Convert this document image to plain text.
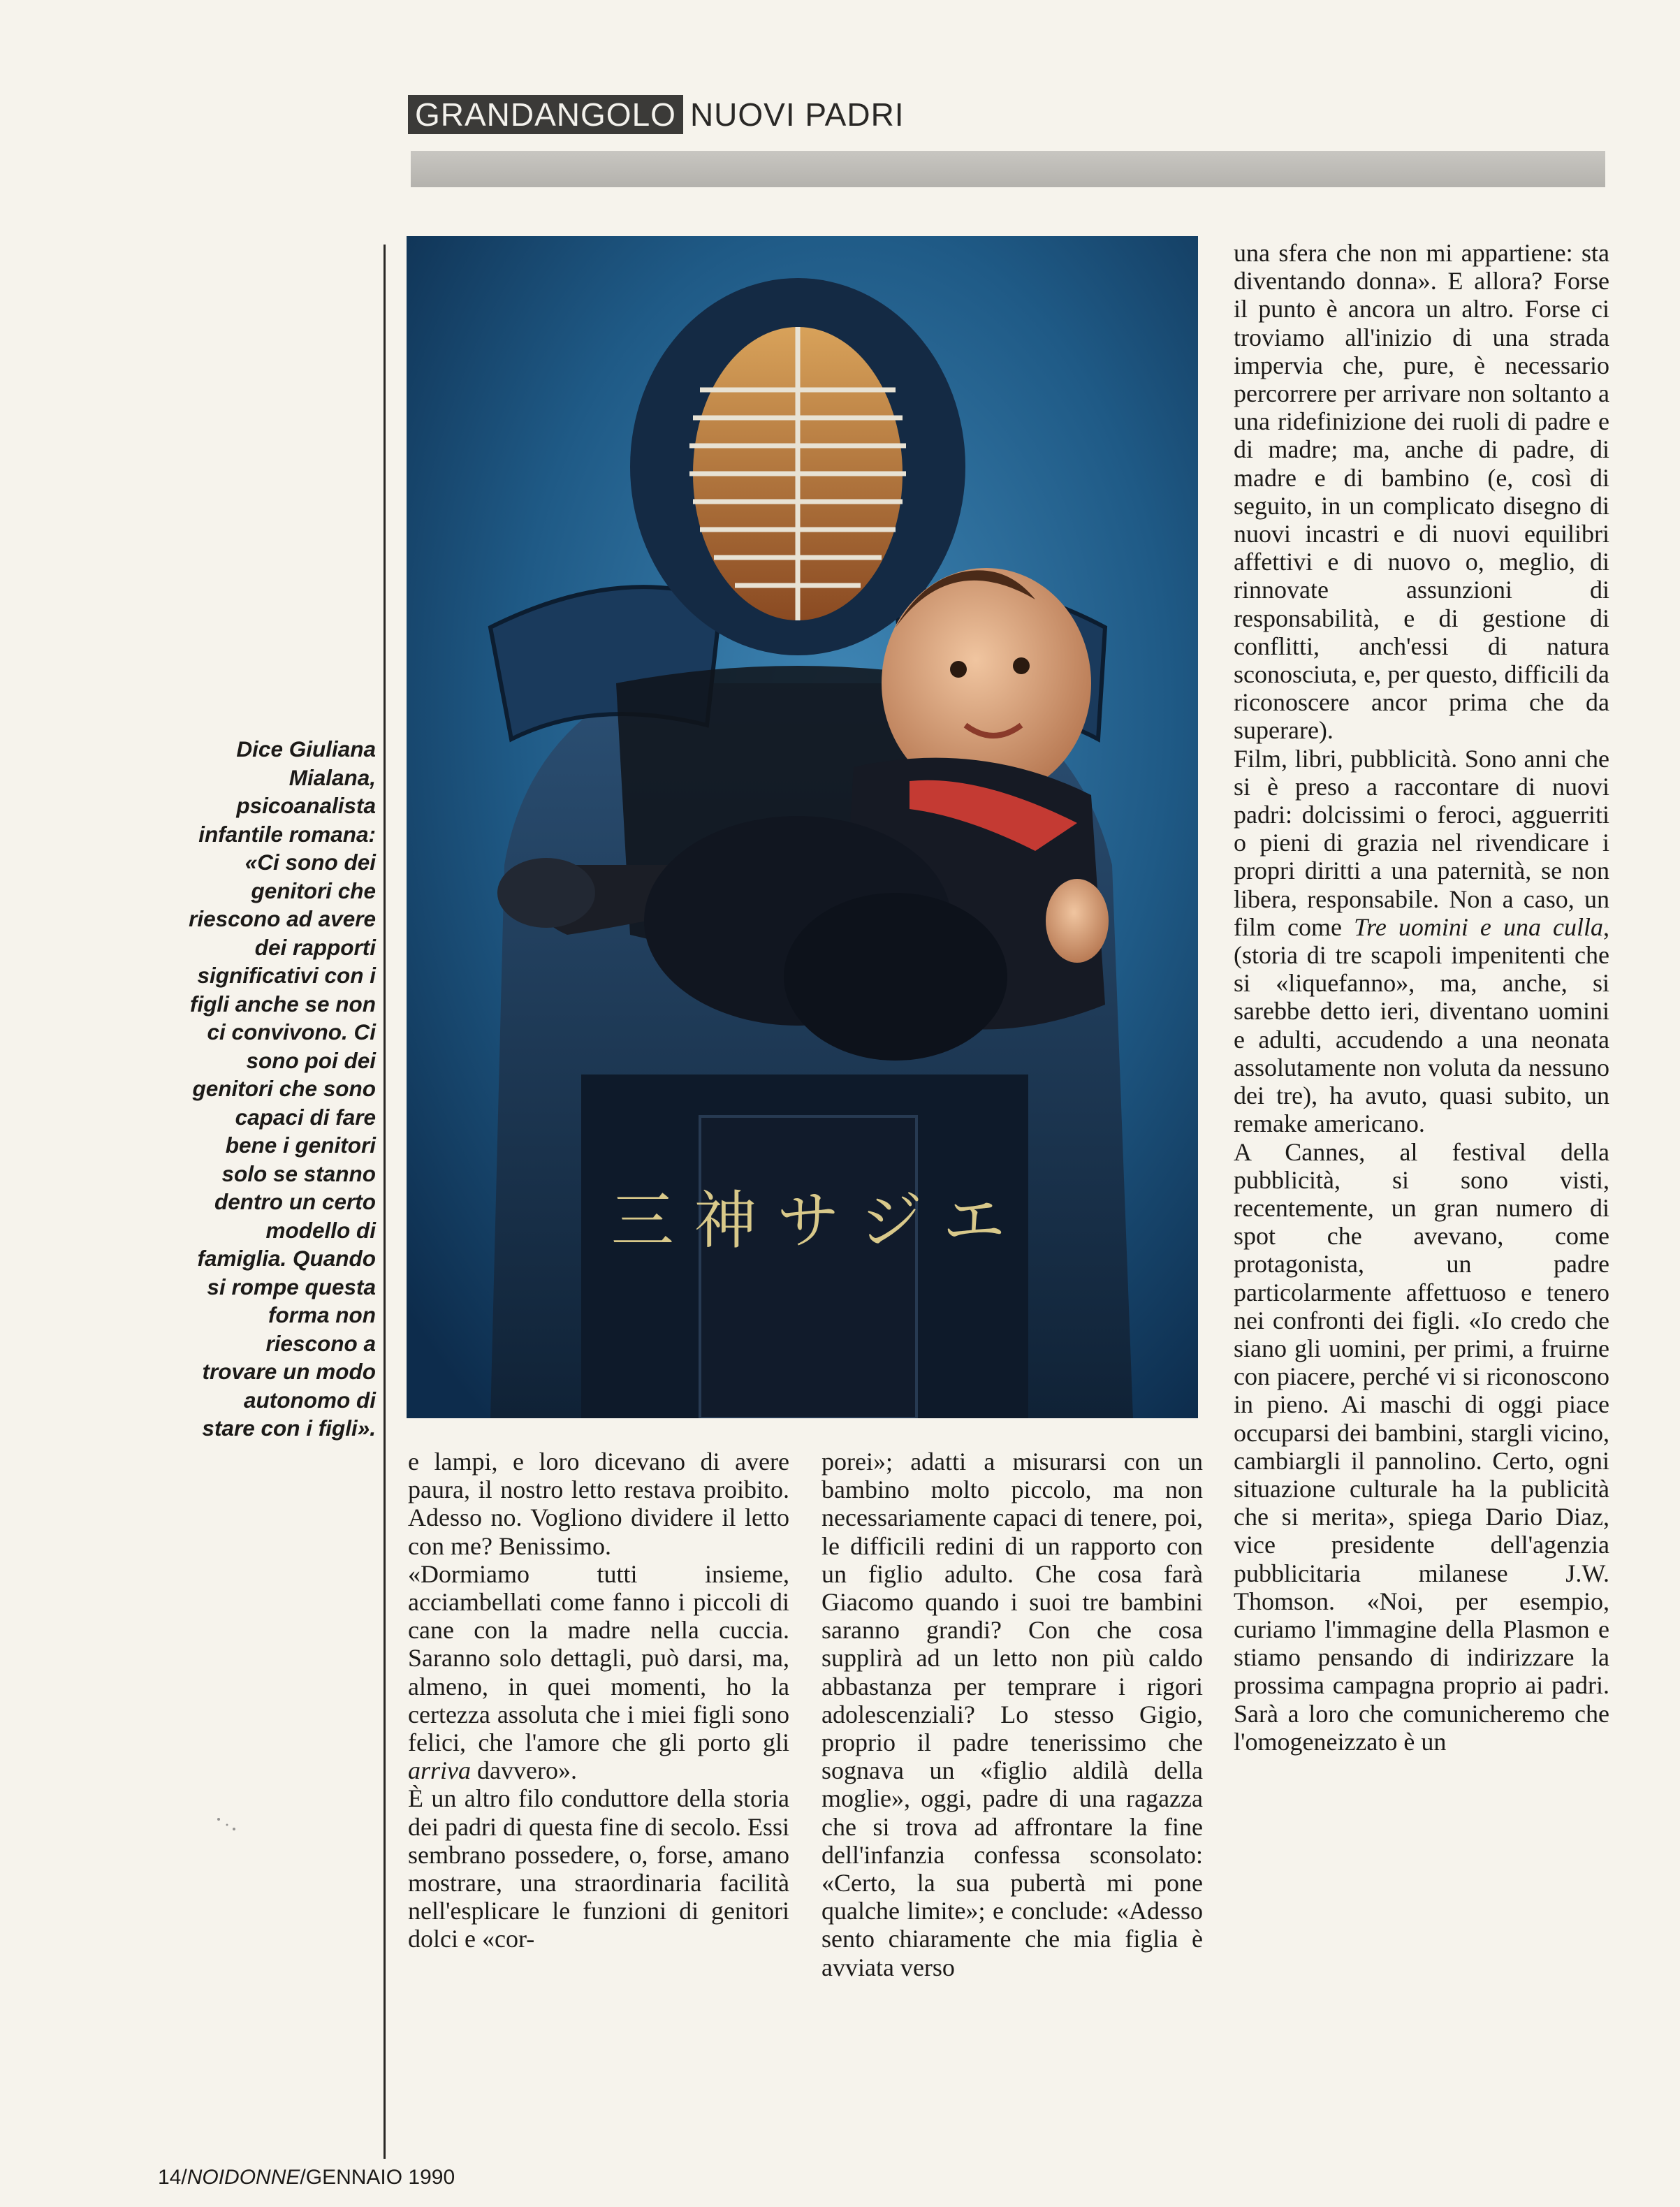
GRANDANGOLO NUOVI PADRI
Dice Giuliana
Mialana,
psicoanalista
infantile romana:
«Ci sono dei
genitori che
riescono ad avere
dei rapporti
significativi con i
figli anche se non
ci convivono. Ci
sono poi dei
genitori che sono
capaci di fare
bene i genitori
solo se stanno
dentro un certo
modello di
famiglia. Quando
si rompe questa
forma non
riescono a
trovare un modo
autonomo di
stare con i figli».
三 神 サ ジ エ

una sfera che non mi appartiene: sta diventando donna». E allora? Forse il punto è ancora un altro. Forse ci troviamo all'inizio di una strada impervia che, pure, è necessario percorrere per arrivare non soltanto a una ridefinizione dei ruoli di padre e di madre; ma, anche di padre, di madre e di bambino (e, così di seguito, in un complicato disegno di nuovi incastri e di nuovi equilibri affettivi e di nuovo o, meglio, di rinnovate assunzioni di responsabilità, e di gestione di conflitti, anch'essi di natura sconosciuta, e, per questo, difficili da riconoscere ancor prima che da superare).

Film, libri, pubblicità. Sono anni che si è preso a raccontare di nuovi padri: dolcissimi o feroci, agguerriti o pieni di grazia nel rivendicare i propri diritti a una paternità, se non libera, responsabile. Non a caso, un film come Tre uomini e una culla, (storia di tre scapoli impenitenti che si «liquefanno», ma, anche, si sarebbe detto ieri, diventano uomini e adulti, accudendo a una neonata assolutamente non voluta da nessuno dei tre), ha avuto, quasi subito, un remake americano.

A Cannes, al festival della pubblicità, si sono visti, recentemente, un gran numero di spot che avevano, come protagonista, un padre particolarmente affettuoso e tenero nei confronti dei figli. «Io credo che siano gli uomini, per primi, a fruirne con piacere, perché vi si riconoscono in pieno. Ai maschi di oggi piace occuparsi dei bambini, stargli vicino, cambiargli il pannolino. Certo, ogni situazione culturale ha la publicità che si merita», spiega Dario Diaz, vice presidente dell'agenzia pubblicitaria milanese J.W. Thomson. «Noi, per esempio, curiamo l'immagine della Plasmon e stiamo pensando di indirizzare la prossima campagna proprio ai padri. Sarà a loro che comunicheremo che l'omogeneizzato è un

e lampi, e loro dicevano di avere paura, il nostro letto restava proibito. Adesso no. Vogliono dividere il letto con me? Benissimo.

«Dormiamo tutti insieme, acciambellati come fanno i piccoli di cane con la madre nella cuccia. Saranno solo dettagli, può darsi, ma, almeno, in quei momenti, ho la certezza assoluta che i miei figli sono felici, che l'amore che gli porto gli arriva davvero».

È un altro filo conduttore della storia dei padri di questa fine di secolo. Essi sembrano possedere, o, forse, amano mostrare, una straordinaria facilità nell'esplicare le funzioni di genitori dolci e «cor-

porei»; adatti a misurarsi con un bambino molto piccolo, ma non necessariamente capaci di tenere, poi, le difficili redini di un rapporto con un figlio adulto. Che cosa farà Giacomo quando i suoi tre bambini saranno grandi? Con che cosa supplirà ad un letto non più caldo abbastanza per temprare i rigori adolescenziali? Lo stesso Gigio, proprio il padre tenerissimo che sognava un «figlio aldilà della moglie», oggi, padre di una ragazza che si trova ad affrontare la fine dell'infanzia confessa sconsolato: «Certo, la sua pubertà mi pone qualche limite»; e conclude: «Adesso sento chiaramente che mia figlia è avviata verso

14/NOIDONNE/GENNAIO 1990
